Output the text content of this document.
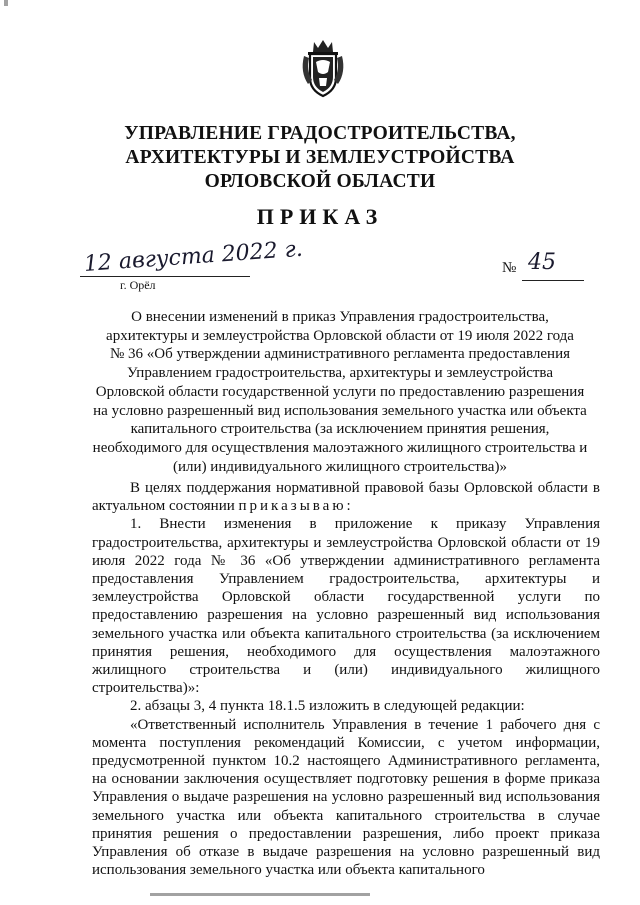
УПРАВЛЕНИЕ ГРАДОСТРОИТЕЛЬСТВА,
АРХИТЕКТУРЫ И ЗЕМЛЕУСТРОЙСТВА
ОРЛОВСКОЙ ОБЛАСТИ
ПРИКАЗ
12 августа 2022 г.
г. Орёл
№ 45
О внесении изменений в приказ Управления градостроительства,
архитектуры и землеустройства Орловской области от 19 июля 2022 года
№ 36 «Об утверждении административного регламента предоставления
Управлением градостроительства, архитектуры и землеустройства
Орловской области государственной услуги по предоставлению разрешения
на условно разрешенный вид использования земельного участка или объекта
капитального строительства (за исключением принятия решения,
необходимого для осуществления малоэтажного жилищного строительства и
(или) индивидуального жилищного строительства)»

В целях поддержания нормативной правовой базы Орловской области в актуальном состоянии приказываю:

1. Внести изменения в приложение к приказу Управления градостроительства, архитектуры и землеустройства Орловской области от 19 июля 2022 года № 36 «Об утверждении административного регламента предоставления Управлением градостроительства, архитектуры и землеустройства Орловской области государственной услуги по предоставлению разрешения на условно разрешенный вид использования земельного участка или объекта капитального строительства (за исключением принятия решения, необходимого для осуществления малоэтажного жилищного строительства и (или) индивидуального жилищного строительства)»:

2. абзацы 3, 4 пункта 18.1.5 изложить в следующей редакции:

«Ответственный исполнитель Управления в течение 1 рабочего дня с момента поступления рекомендаций Комиссии, с учетом информации, предусмотренной пунктом 10.2 настоящего Административного регламента, на основании заключения осуществляет подготовку решения в форме приказа Управления о выдаче разрешения на условно разрешенный вид использования земельного участка или объекта капитального строительства в случае принятия решения о предоставлении разрешения, либо проект приказа Управления об отказе в выдаче разрешения на условно разрешенный вид использования земельного участка или объекта капитального
